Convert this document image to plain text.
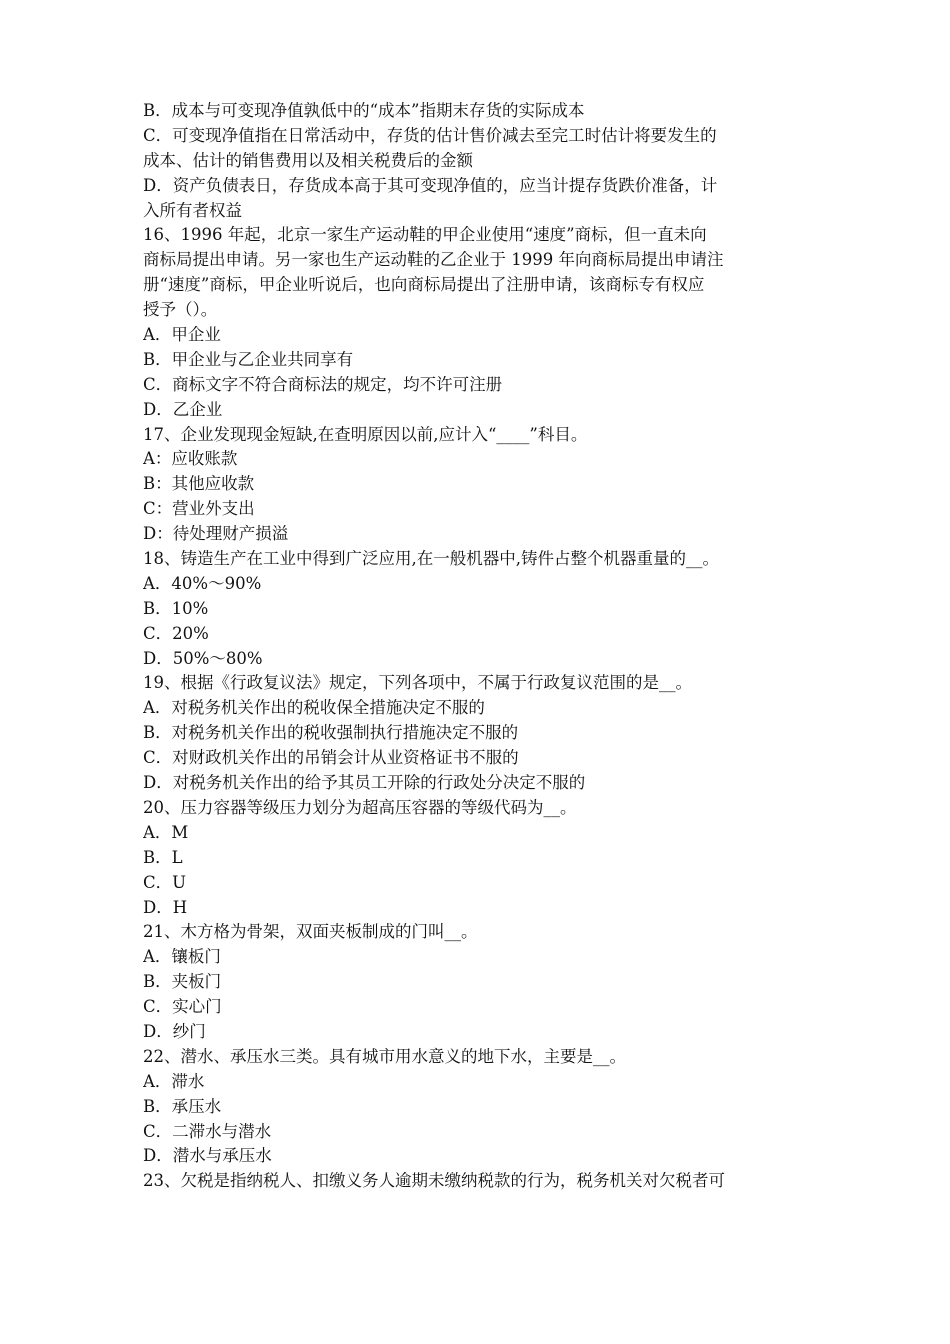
B．成本与可变现净值孰低中的“成本”指期末存货的实际成本
C．可变现净值指在日常活动中，存货的估计售价减去至完工时估计将要发生的
成本、估计的销售费用以及相关税费后的金额
D．资产负债表日，存货成本高于其可变现净值的，应当计提存货跌价准备，计
入所有者权益
16、1996 年起，北京一家生产运动鞋的甲企业使用“速度”商标，但一直未向
商标局提出申请。另一家也生产运动鞋的乙企业于 1999 年向商标局提出申请注
册“速度”商标，甲企业听说后，也向商标局提出了注册申请，该商标专有权应
授予（）。
A．甲企业
B．甲企业与乙企业共同享有
C．商标文字不符合商标法的规定，均不许可注册
D．乙企业
17、企业发现现金短缺,在查明原因以前,应计入“____”科目。
A：应收账款
B：其他应收款
C：营业外支出
D：待处理财产损溢
18、铸造生产在工业中得到广泛应用,在一般机器中,铸件占整个机器重量的__。
A．40%～90%
B．10%
C．20%
D．50%～80%
19、根据《行政复议法》规定，下列各项中，不属于行政复议范围的是__。
A．对税务机关作出的税收保全措施决定不服的
B．对税务机关作出的税收强制执行措施决定不服的
C．对财政机关作出的吊销会计从业资格证书不服的
D．对税务机关作出的给予其员工开除的行政处分决定不服的
20、压力容器等级压力划分为超高压容器的等级代码为__。
A．M
B．L
C．U
D．H
21、木方格为骨架，双面夹板制成的门叫__。
A．镶板门
B．夹板门
C．实心门
D．纱门
22、潜水、承压水三类。具有城市用水意义的地下水，主要是__。
A．滞水
B．承压水
C．二滞水与潜水
D．潜水与承压水
23、欠税是指纳税人、扣缴义务人逾期未缴纳税款的行为，税务机关对欠税者可
